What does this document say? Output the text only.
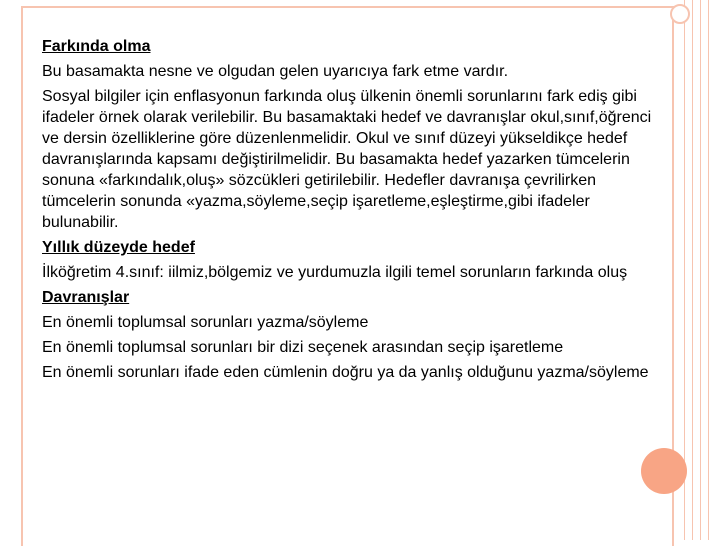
Farkında olma

Bu basamakta nesne ve olgudan gelen uyarıcıya fark etme vardır.

Sosyal bilgiler için enflasyonun farkında oluş ülkenin önemli sorunlarını fark ediş gibi ifadeler örnek olarak verilebilir. Bu basamaktaki hedef ve davranışlar okul,sınıf,öğrenci ve dersin özelliklerine göre düzenlenmelidir. Okul ve sınıf düzeyi yükseldikçe hedef davranışlarında kapsamı değiştirilmelidir. Bu basamakta hedef yazarken tümcelerin sonuna «farkındalık,oluş» sözcükleri getirilebilir. Hedefler davranışa çevrilirken tümcelerin sonunda «yazma,söyleme,seçip işaretleme,eşleştirme,gibi ifadeler bulunabilir.

Yıllık düzeyde hedef

İlköğretim 4.sınıf: iilmiz,bölgemiz ve yurdumuzla ilgili temel sorunların farkında oluş

Davranışlar

En önemli toplumsal sorunları yazma/söyleme

En önemli toplumsal sorunları bir dizi seçenek arasından seçip işaretleme

En önemli sorunları ifade eden cümlenin doğru ya da yanlış olduğunu yazma/söyleme
